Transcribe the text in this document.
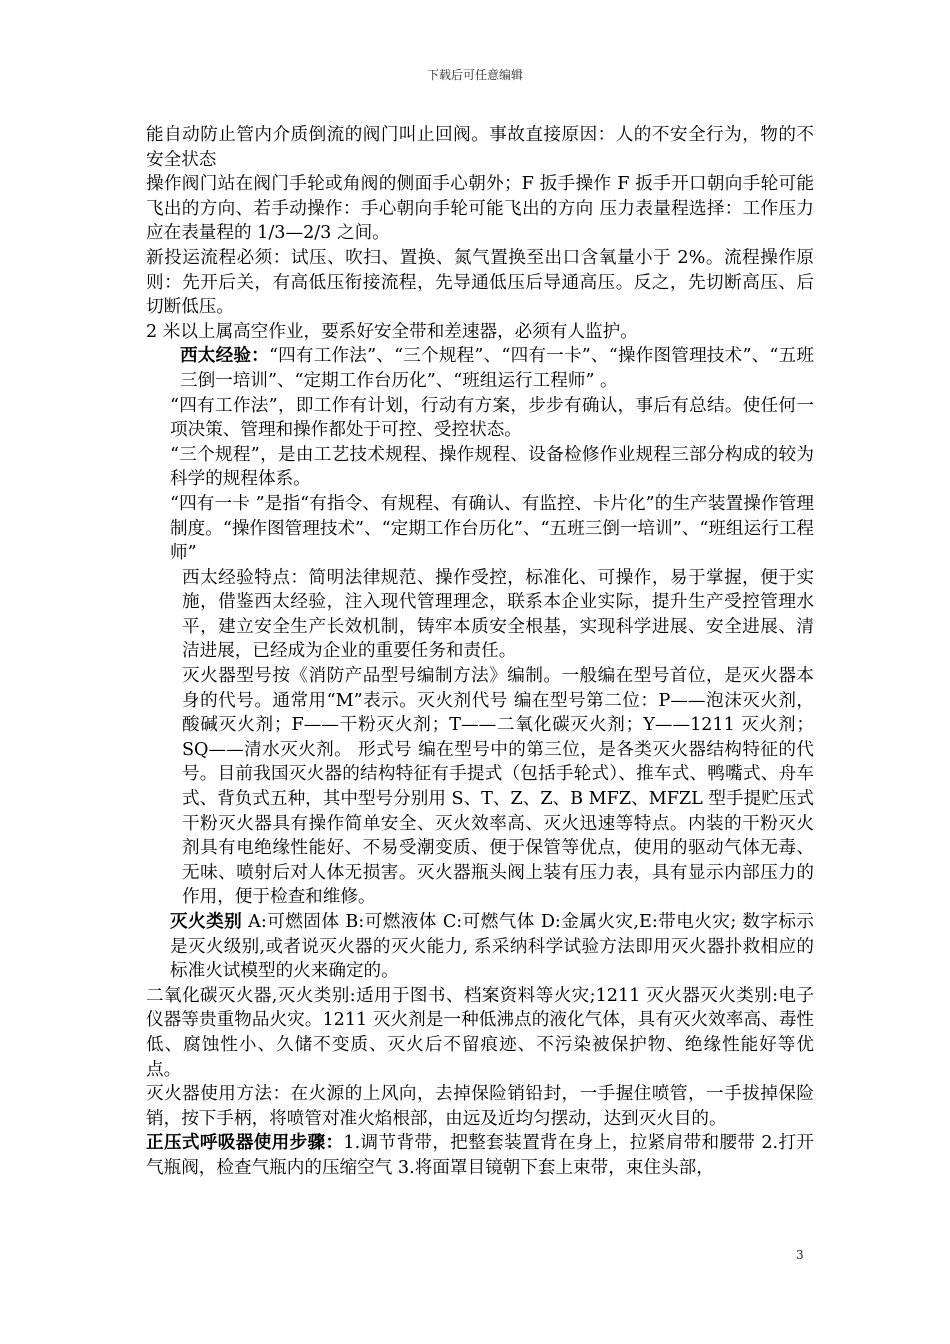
下载后可任意编辑

能自动防止管内介质倒流的阀门叫止回阀。事故直接原因：人的不安全行为，物的不安全状态

操作阀门站在阀门手轮或角阀的侧面手心朝外；F 扳手操作 F 扳手开口朝向手轮可能飞出的方向、若手动操作：手心朝向手轮可能飞出的方向 压力表量程选择：工作压力应在表量程的 1/3—2/3 之间。

新投运流程必须：试压、吹扫、置换、氮气置换至出口含氧量小于 2%。流程操作原则：先开后关，有高低压衔接流程，先导通低压后导通高压。反之，先切断高压、后切断低压。

2 米以上属高空作业，要系好安全带和差速器，必须有人监护。

西太经验：“四有工作法”、“三个规程”、“四有一卡”、“操作图管理技术”、“五班三倒一培训”、“定期工作台历化”、“班组运行工程师” 。

“四有工作法”，即工作有计划，行动有方案，步步有确认，事后有总结。使任何一项决策、管理和操作都处于可控、受控状态。

“三个规程”，是由工艺技术规程、操作规程、设备检修作业规程三部分构成的较为科学的规程体系。

“四有一卡 ”是指“有指令、有规程、有确认、有监控、卡片化”的生产装置操作管理制度。“操作图管理技术”、“定期工作台历化”、“五班三倒一培训”、“班组运行工程师”

西太经验特点：简明法律规范、操作受控，标准化、可操作，易于掌握，便于实施，借鉴西太经验，注入现代管理理念，联系本企业实际，提升生产受控管理水平，建立安全生产长效机制，铸牢本质安全根基，实现科学进展、安全进展、清洁进展，已经成为企业的重要任务和责任。

灭火器型号按《消防产品型号编制方法》编制。一般编在型号首位，是灭火器本身的代号。通常用“M”表示。灭火剂代号 编在型号第二位：P——泡沫灭火剂，酸碱灭火剂；F——干粉灭火剂；T——二氧化碳灭火剂；Y——1211 灭火剂；SQ——清水灭火剂。 形式号 编在型号中的第三位，是各类灭火器结构特征的代号。目前我国灭火器的结构特征有手提式（包括手轮式）、推车式、鸭嘴式、舟车式、背负式五种，其中型号分别用 S、T、Z、Z、B MFZ、MFZL 型手提贮压式干粉灭火器具有操作简单安全、灭火效率高、灭火迅速等特点。内装的干粉灭火剂具有电绝缘性能好、不易受潮变质、便于保管等优点，使用的驱动气体无毒、无味、喷射后对人体无损害。灭火器瓶头阀上装有压力表，具有显示内部压力的作用，便于检查和维修。

灭火类别 A:可燃固体 B:可燃液体 C:可燃气体 D:金属火灾,E:带电火灾; 数字标示是灭火级别,或者说灭火器的灭火能力, 系采纳科学试验方法即用灭火器扑救相应的标准火试模型的火来确定的。

二氧化碳灭火器,灭火类别:适用于图书、档案资料等火灾;1211 灭火器灭火类别:电子仪器等贵重物品火灾。1211 灭火剂是一种低沸点的液化气体，具有灭火效率高、毒性低、腐蚀性小、久储不变质、灭火后不留痕迹、不污染被保护物、绝缘性能好等优点。

灭火器使用方法：在火源的上风向，去掉保险销铅封，一手握住喷管，一手拔掉保险销，按下手柄，将喷管对准火焰根部，由远及近均匀摆动，达到灭火目的。

正压式呼吸器使用步骤：1.调节背带，把整套装置背在身上，拉紧肩带和腰带 2.打开气瓶阀，检查气瓶内的压缩空气 3.将面罩目镜朝下套上束带，束住头部，

3
